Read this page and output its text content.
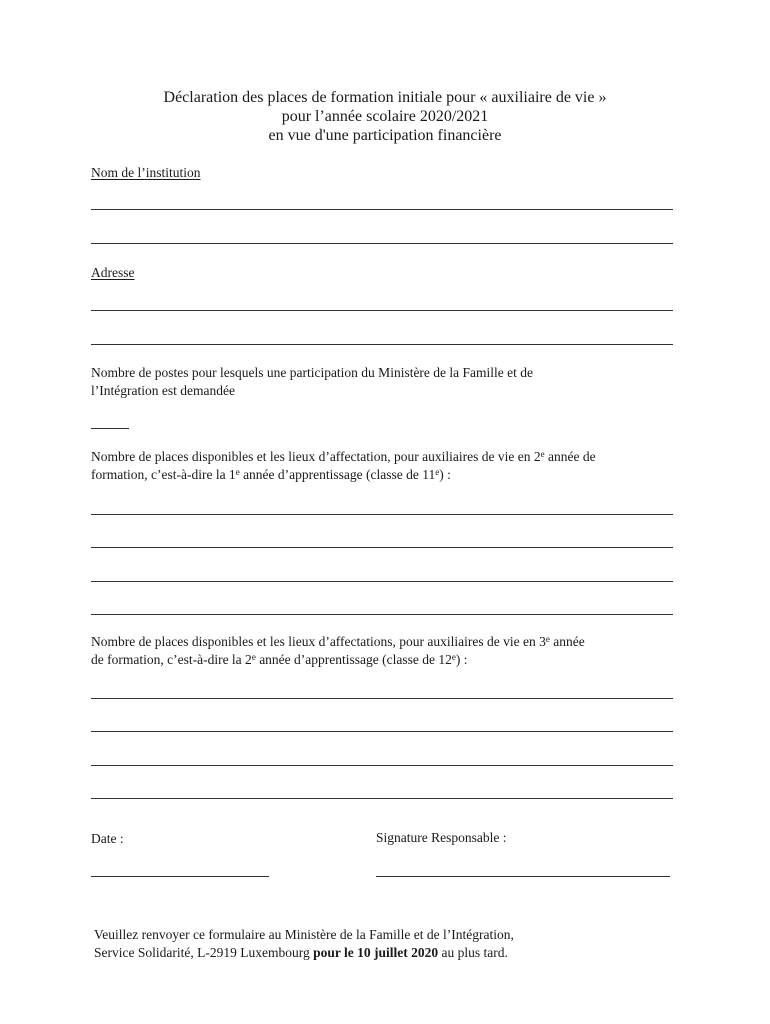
Déclaration des places de formation initiale pour « auxiliaire de vie »
pour l’année scolaire 2020/2021
en vue d'une participation financière
Nom de l’institution
Adresse
Nombre de postes pour lesquels une participation du Ministère de la Famille et de
l’Intégration est demandée
Nombre de places disponibles et les lieux d’affectation, pour auxiliaires de vie en 2e année de
formation, c’est-à-dire la 1e année d’apprentissage (classe de 11e) :
Nombre de places disponibles et les lieux d’affectations, pour auxiliaires de vie en 3e année
de formation, c’est-à-dire la 2e année d’apprentissage (classe de 12e) :
Date :	Signature Responsable :
Veuillez renvoyer ce formulaire au Ministère de la Famille et de l’Intégration,
Service Solidarité, L-2919 Luxembourg pour le 10 juillet 2020 au plus tard.
